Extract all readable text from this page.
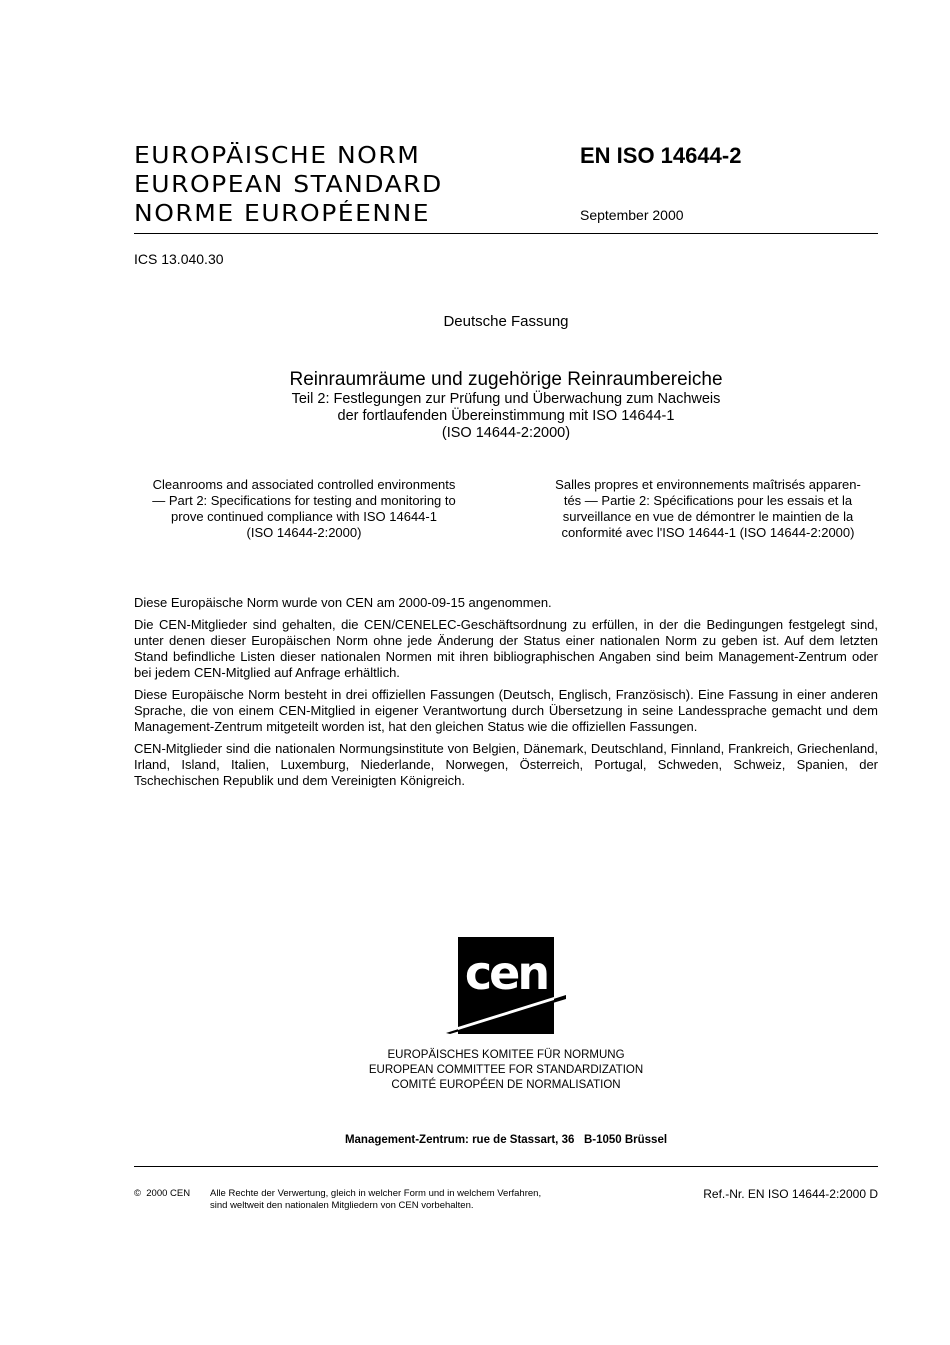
EUROPÄISCHE NORM
EUROPEAN STANDARD
NORME EUROPÉENNE
EN ISO 14644-2
September 2000
ICS 13.040.30
Deutsche Fassung
Reinraumräume und zugehörige Reinraumbereiche
Teil 2: Festlegungen zur Prüfung und Überwachung zum Nachweis
der fortlaufenden Übereinstimmung mit ISO 14644-1
(ISO 14644-2:2000)
Cleanrooms and associated controlled environments
— Part 2: Specifications for testing and monitoring to
prove continued compliance with ISO 14644-1
(ISO 14644-2:2000)
Salles propres et environnements maîtrisés apparen-
tés — Partie 2: Spécifications pour les essais et la
surveillance en vue de démontrer le maintien de la
conformité avec l'ISO 14644-1 (ISO 14644-2:2000)

Diese Europäische Norm wurde von CEN am 2000-09-15 angenommen.

Die CEN-Mitglieder sind gehalten, die CEN/CENELEC-Geschäftsordnung zu erfüllen, in der die Bedingungen festgelegt sind, unter denen dieser Europäischen Norm ohne jede Änderung der Status einer nationalen Norm zu geben ist. Auf dem letzten Stand befindliche Listen dieser nationalen Normen mit ihren bibliographischen Angaben sind beim Management-Zentrum oder bei jedem CEN-Mitglied auf Anfrage erhältlich.

Diese Europäische Norm besteht in drei offiziellen Fassungen (Deutsch, Englisch, Französisch). Eine Fassung in einer anderen Sprache, die von einem CEN-Mitglied in eigener Verantwortung durch Übersetzung in seine Landessprache gemacht und dem Management-Zentrum mitgeteilt worden ist, hat den gleichen Status wie die offiziellen Fassungen.

CEN-Mitglieder sind die nationalen Normungsinstitute von Belgien, Dänemark, Deutschland, Finnland, Frankreich, Griechenland, Irland, Island, Italien, Luxemburg, Niederlande, Norwegen, Österreich, Portugal, Schweden, Schweiz, Spanien, der Tschechischen Republik und dem Vereinigten Königreich.

cen
EUROPÄISCHES KOMITEE FÜR NORMUNG
EUROPEAN COMMITTEE FOR STANDARDIZATION
COMITÉ EUROPÉEN DE NORMALISATION
Management-Zentrum: rue de Stassart, 36   B-1050 Brüssel
©  2000 CEN Alle Rechte der Verwertung, gleich in welcher Form und in welchem Verfahren,
sind weltweit den nationalen Mitgliedern von CEN vorbehalten.
Ref.-Nr. EN ISO 14644-2:2000 D
